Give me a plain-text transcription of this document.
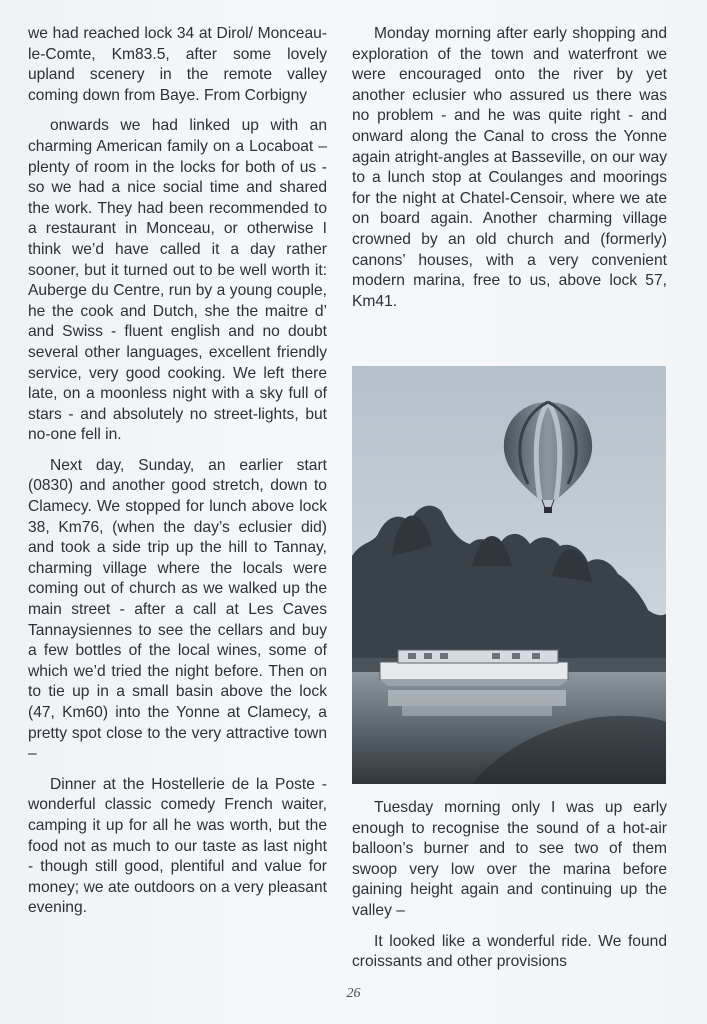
we had reached lock 34 at Dirol/ Monceau-le-Comte, Km83.5, after some lovely upland scenery in the remote valley coming down from Baye. From Corbigny

onwards we had linked up with an charming American family on a Locaboat – plenty of room in the locks for both of us - so we had a nice social time and shared the work. They had been recommended to a restaurant in Monceau, or otherwise I think we’d have called it a day rather sooner, but it turned out to be well worth it: Auberge du Centre, run by a young couple, he the cook and Dutch, she the maitre d’ and Swiss - fluent english and no doubt several other languages, excellent friendly service, very good cooking. We left there late, on a moonless night with a sky full of stars - and absolutely no street-lights, but no-one fell in.

Next day, Sunday, an earlier start (0830) and another good stretch, down to Clamecy. We stopped for lunch above lock 38, Km76, (when the day’s eclusier did) and took a side trip up the hill to Tannay, charming village where the locals were coming out of church as we walked up the main street - after a call at Les Caves Tannaysiennes to see the cellars and buy a few bottles of the local wines, some of which we’d tried the night before. Then on to tie up in a small basin above the lock (47, Km60) into the Yonne at Clamecy, a pretty spot close to the very attractive town –

Dinner at the Hostellerie de la Poste - wonderful classic comedy French waiter, camping it up for all he was worth, but the food not as much to our taste as last night - though still good, plentiful and value for money; we ate outdoors on a very pleasant evening.

Monday morning after early shopping and exploration of the town and waterfront we were encouraged onto the river by yet another eclusier who assured us there was no problem - and he was quite right - and onward along the Canal to cross the Yonne again atright-angles at Basseville, on our way to a lunch stop at Coulanges and moorings for the night at Chatel-Censoir, where we ate on board again. Another charming village crowned by an old church and (formerly) canons’ houses, with a very convenient modern marina, free to us, above lock 57, Km41.

Tuesday morning only I was up early enough to recognise the sound of a hot-air balloon’s burner and to see two of them swoop very low over the marina before gaining height again and continuing up the valley –

It looked like a wonderful ride. We found croissants and other provisions

26
